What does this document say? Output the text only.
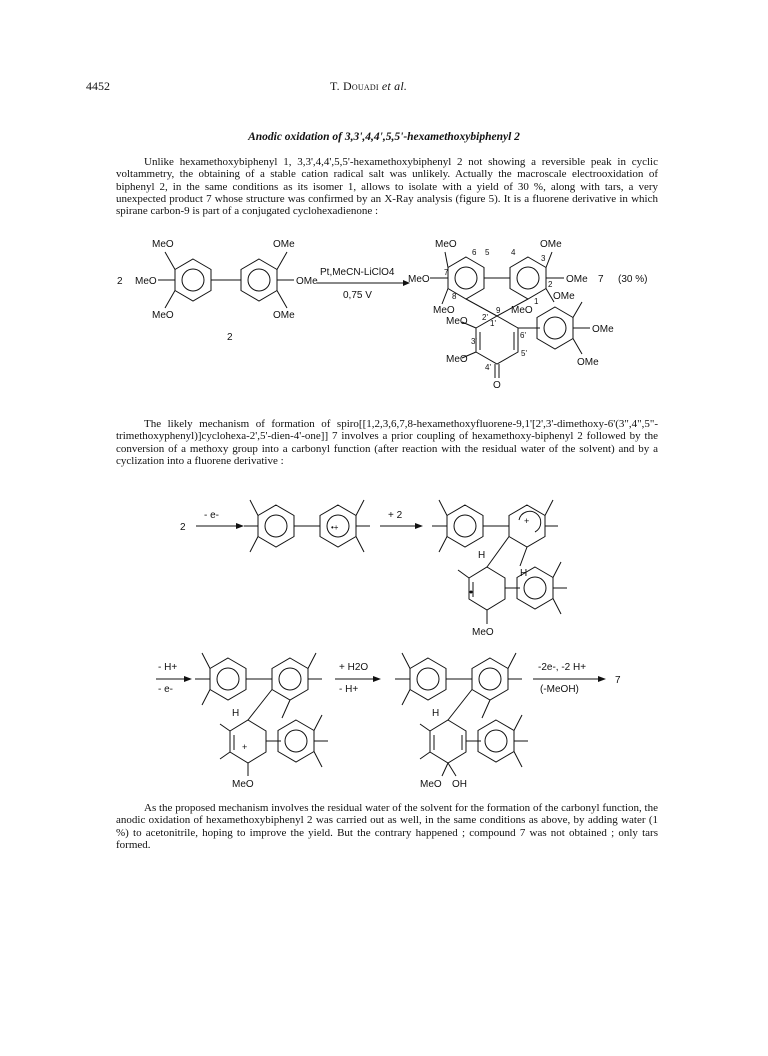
4452	T. Douadi et al.
Anodic oxidation of 3,3',4,4',5,5'-hexamethoxybiphenyl 2
Unlike hexamethoxybiphenyl 1, 3,3',4,4',5,5'-hexamethoxybiphenyl 2 not showing a reversible peak in cyclic voltammetry, the obtaining of a stable cation radical salt was unlikely. Actually the macroscale electrooxidation of biphenyl 2, in the same conditions as its isomer 1, allows to isolate with a yield of 30 %, along with tars, a very unexpected product 7 whose structure was confirmed by an X-Ray analysis (figure 5). It is a fluorene derivative in which spirane carbon-9 is part of a conjugated cyclohexadienone :
2 MeO
MeO
MeO
OMe
OMe
OMe
2
Pt,MeCN-LiClO4
0,75 V
MeO
MeO	OMe
OMe
OMe
MeO
MeO
MeO
MeO
OMe
OMe
O
7 (30 %)
6 5	4
3
2
1
7
8
9
1'
2'
3'
4'
5'
6'
The likely mechanism of formation of spiro[[1,2,3,6,7,8-hexamethoxyfluorene-9,1'[2',3'-dimethoxy-6'(3",4",5"-trimethoxyphenyl)]cyclohexa-2',5'-dien-4'-one]] 7 involves a prior coupling of hexamethoxy-biphenyl 2 followed by the conversion of a methoxy group into a carbonyl function (after reaction with the residual water of the solvent) and by a cyclization into a fluorene derivative :
2
- e-
•+
+ 2	+
H
H
MeO
- H+
- e-
H
+
MeO
+ H2O
- H+
H
MeO OH
-2e-, -2 H+
(-MeOH)
7
As the proposed mechanism involves the residual water of the solvent for the formation of the carbonyl function, the anodic oxidation of hexamethoxybiphenyl 2 was carried out as well, in the same conditions as above, by adding water (1 %) to acetonitrile, hoping to improve the yield. But the contrary happened ; compound 7 was not obtained ; only tars formed.
